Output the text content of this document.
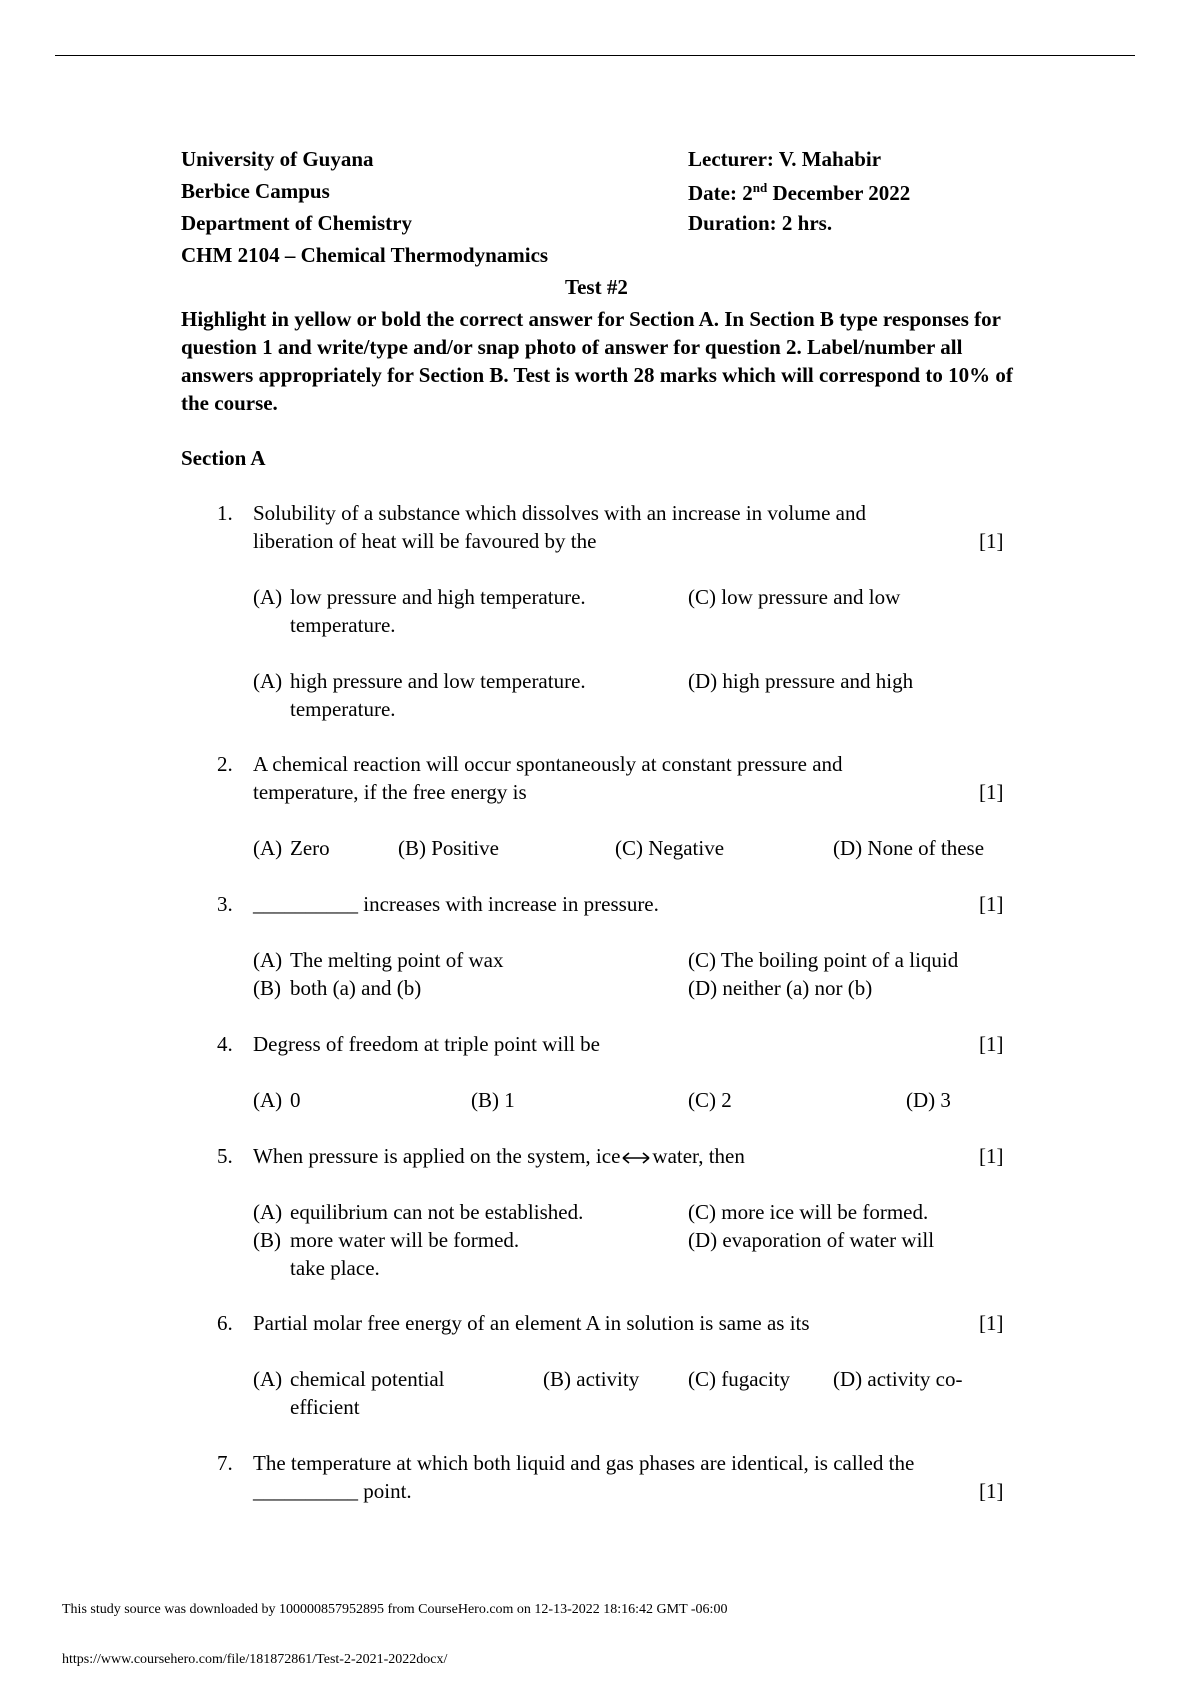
University of Guyana
Berbice Campus
Department of Chemistry
CHM 2104 – Chemical Thermodynamics
Lecturer: V. Mahabir
Date: 2nd December 2022
Duration: 2 hrs.
Test #2
Highlight in yellow or bold the correct answer for Section A. In Section B type responses for question 1 and write/type and/or snap photo of answer for question 2. Label/number all answers appropriately for Section B. Test is worth 28 marks which will correspond to 10% of the course.
Section A
1. Solubility of a substance which dissolves with an increase in volume and
liberation of heat will be favoured by the	[1]
(A) low pressure and high temperature.	(C) low pressure and low
temperature.
(A) high pressure and low temperature.	(D) high pressure and high
temperature.
2. A chemical reaction will occur spontaneously at constant pressure and
temperature, if the free energy is	[1]
(A) Zero	(B) Positive	(C) Negative	(D) None of these
3. __________ increases with increase in pressure.	[1]
(A) The melting point of wax	(C) The boiling point of a liquid
(B) both (a) and (b)	(D) neither (a) nor (b)
4. Degress of freedom at triple point will be	[1]
(A) 0	(B) 1	(C) 2	(D) 3
5. When pressure is applied on the system, ice water, then	[1]
(A) equilibrium can not be established.	(C) more ice will be formed.
(B) more water will be formed.	(D) evaporation of water will
take place.
6. Partial molar free energy of an element A in solution is same as its	[1]
(A) chemical potential	(B) activity (C) fugacity (D) activity co-
efficient
7. The temperature at which both liquid and gas phases are identical, is called the
__________ point.	[1]
This study source was downloaded by 100000857952895 from CourseHero.com on 12-13-2022 18:16:42 GMT -06:00
https://www.coursehero.com/file/181872861/Test-2-2021-2022docx/
